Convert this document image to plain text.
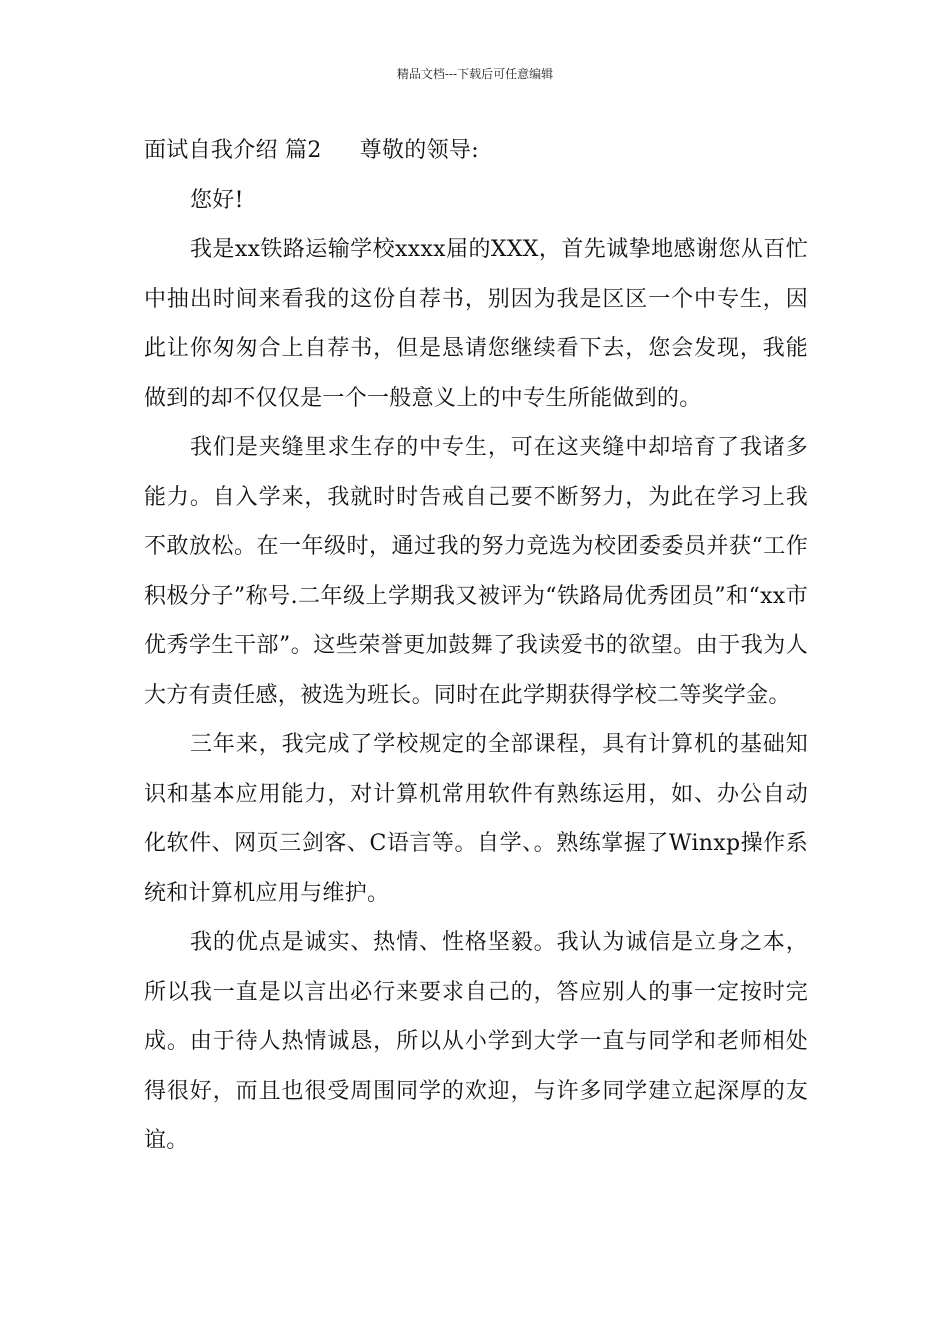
精品文档---下载后可任意编辑

面试自我介绍 篇2 尊敬的领导:

您好!

我是xx铁路运输学校xxxx届的XXX，首先诚挚地感谢您从百忙中抽出时间来看我的这份自荐书，别因为我是区区一个中专生，因此让你匆匆合上自荐书，但是恳请您继续看下去，您会发现，我能做到的却不仅仅是一个一般意义上的中专生所能做到的。

我们是夹缝里求生存的中专生，可在这夹缝中却培育了我诸多能力。自入学来，我就时时告戒自己要不断努力，为此在学习上我不敢放松。在一年级时，通过我的努力竞选为校团委委员并获“工作积极分子”称号.二年级上学期我又被评为“铁路局优秀团员”和“xx市优秀学生干部”。这些荣誉更加鼓舞了我读爱书的欲望。由于我为人大方有责任感，被选为班长。同时在此学期获得学校二等奖学金。

三年来，我完成了学校规定的全部课程，具有计算机的基础知识和基本应用能力，对计算机常用软件有熟练运用，如、办公自动化软件、网页三剑客、C语言等。自学、。熟练掌握了Winxp操作系统和计算机应用与维护。

我的优点是诚实、热情、性格坚毅。我认为诚信是立身之本，所以我一直是以言出必行来要求自己的，答应别人的事一定按时完成。由于待人热情诚恳，所以从小学到大学一直与同学和老师相处得很好，而且也很受周围同学的欢迎，与许多同学建立起深厚的友谊。
